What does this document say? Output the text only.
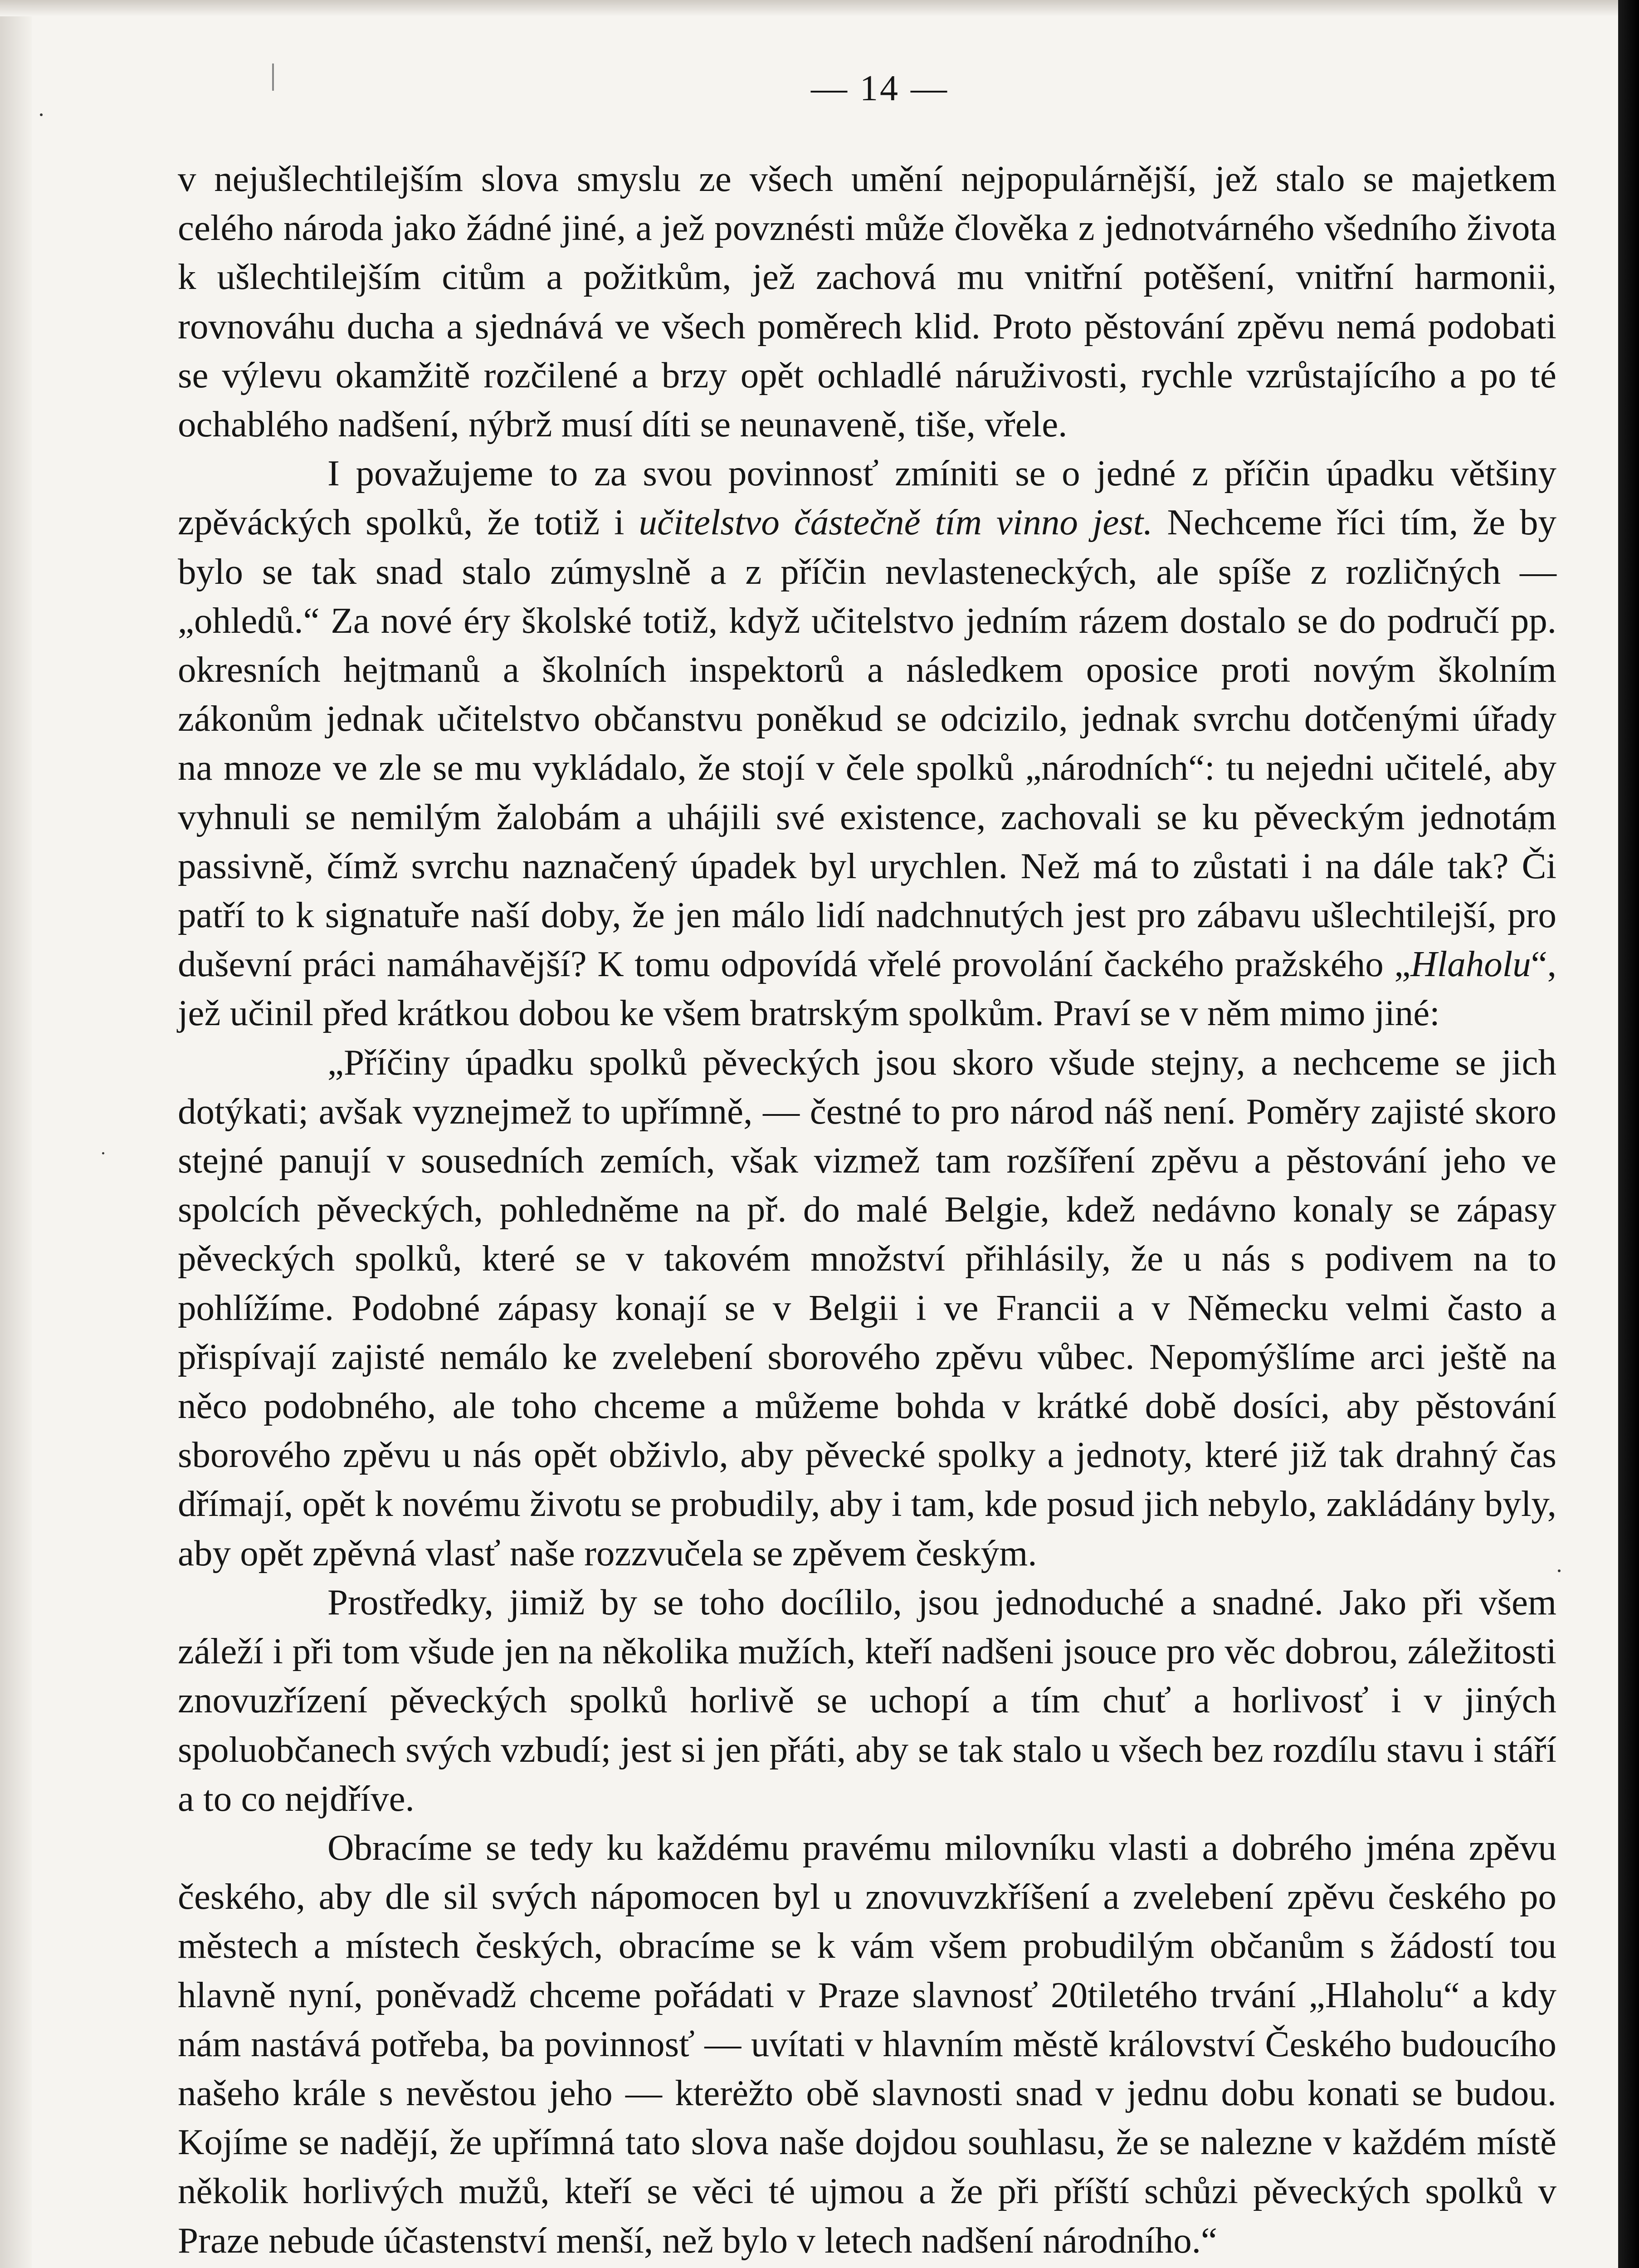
— 14 —

v nejušlechtilejším slova smyslu ze všech umění nejpopulárnější, jež stalo se majetkem celého národa jako žádné jiné, a jež povznésti může člověka z jednotvárného všedního života k ušlechtilejším citům a požitkům, jež zachová mu vnitřní potěšení, vnitřní harmonii, rovnováhu ducha a sjednává ve všech poměrech klid. Proto pěstování zpěvu nemá podobati se výlevu okamžitě rozčilené a brzy opět ochladlé náruživosti, rychle vzrůstajícího a po té ochablého nadšení, nýbrž musí díti se neunaveně, tiše, vřele.

I považujeme to za svou povinnosť zmíniti se o jedné z příčin úpadku většiny zpěváckých spolků, že totiž i učitelstvo částečně tím vinno jest. Nechceme říci tím, že by bylo se tak snad stalo zúmyslně a z příčin nevlasteneckých, ale spíše z rozličných — „ohledů.“ Za nové éry školské totiž, když učitelstvo jedním rázem dostalo se do područí pp. okresních hejtmanů a školních inspektorů a následkem oposice proti novým školním zákonům jednak učitelstvo občanstvu poněkud se odcizilo, jednak svrchu dotčenými úřady na mnoze ve zle se mu vykládalo, že stojí v čele spolků „národních“: tu nejedni učitelé, aby vyhnuli se nemilým žalobám a uhájili své existence, zachovali se ku pěveckým jednotám passivně, čímž svrchu naznačený úpadek byl urychlen. Než má to zůstati i na dále tak? Či patří to k signatuře naší doby, že jen málo lidí nadchnutých jest pro zábavu ušlechtilejší, pro duševní práci namáhavější? K tomu odpovídá vřelé provolání čackého pražského „Hlaholu“, jež učinil před krátkou dobou ke všem bratrským spolkům. Praví se v něm mimo jiné:

„Příčiny úpadku spolků pěveckých jsou skoro všude stejny, a nechceme se jich dotýkati; avšak vyznejmež to upřímně, — čestné to pro národ náš není. Poměry zajisté skoro stejné panují v sousedních zemích, však vizmež tam rozšíření zpěvu a pěstování jeho ve spolcích pěveckých, pohledněme na př. do malé Belgie, kdež nedávno konaly se zápasy pěveckých spolků, které se v takovém množství přihlásily, že u nás s podivem na to pohlížíme. Podobné zápasy konají se v Belgii i ve Francii a v Německu velmi často a přispívají zajisté nemálo ke zvelebení sborového zpěvu vůbec. Nepomýšlíme arci ještě na něco podobného, ale toho chceme a můžeme bohda v krátké době dosíci, aby pěstování sborového zpěvu u nás opět obživlo, aby pěvecké spolky a jednoty, které již tak drahný čas dřímají, opět k novému životu se probudily, aby i tam, kde posud jich nebylo, zakládány byly, aby opět zpěvná vlasť naše rozzvučela se zpěvem českým.

Prostředky, jimiž by se toho docílilo, jsou jednoduché a snadné. Jako při všem záleží i při tom všude jen na několika mužích, kteří nadšeni jsouce pro věc dobrou, záležitosti znovuzřízení pěveckých spolků horlivě se uchopí a tím chuť a horlivosť i v jiných spoluobčanech svých vzbudí; jest si jen přáti, aby se tak stalo u všech bez rozdílu stavu i stáří a to co nejdříve.

Obracíme se tedy ku každému pravému milovníku vlasti a dobrého jména zpěvu českého, aby dle sil svých nápomocen byl u znovuvzkříšení a zvelebení zpěvu českého po městech a místech českých, obracíme se k vám všem probudilým občanům s žádostí tou hlavně nyní, poněvadž chceme pořádati v Praze slavnosť 20tiletého trvání „Hlaholu“ a kdy nám nastává potřeba, ba povinnosť — uvítati v hlavním městě království Českého budoucího našeho krále s nevěstou jeho — kterėžto obě slavnosti snad v jednu dobu konati se budou. Kojíme se nadějí, že upřímná tato slova naše dojdou souhlasu, že se nalezne v každém místě několik horlivých mužů, kteří se věci té ujmou a že při příští schůzi pěveckých spolků v Praze nebude účastenství menší, než bylo v letech nadšení národního.“
